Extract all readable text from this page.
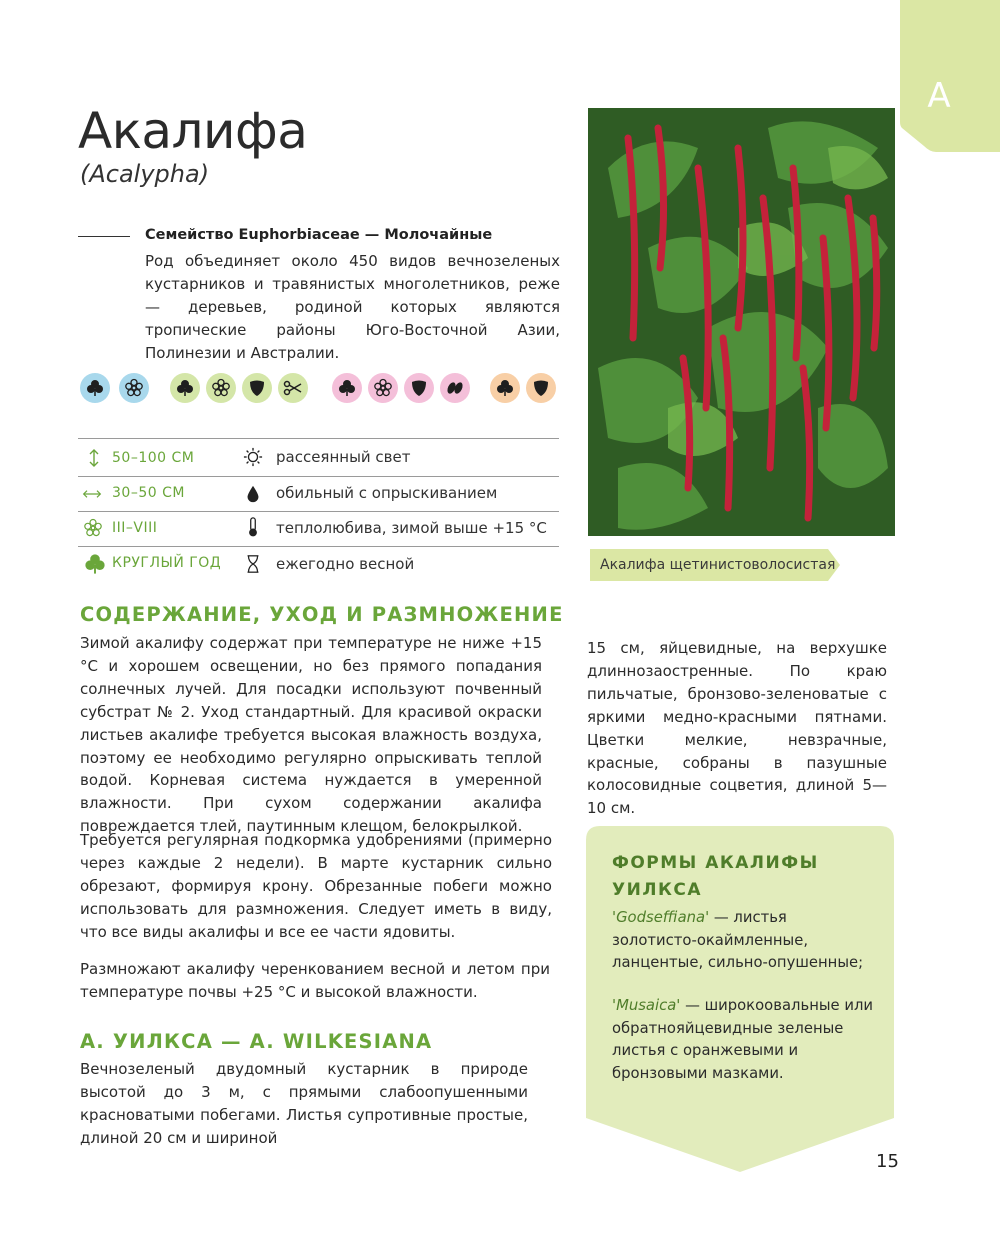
А
Акалифа
(Acalypha)
Семейство Euphorbiaceae — Молочайные
Род объединяет около 450 видов вечнозеленых кустарников и травянистых многолетников, реже — деревьев, родиной которых являются тропические районы Юго-Восточной Азии, Полинезии и Австралии.
50–100 СМ
30–50 СМ
III–VIII
КРУГЛЫЙ ГОД
рассеянный свет
обильный с опрыскиванием
теплолюбива, зимой выше +15 °С
ежегодно весной	Акалифа щетинистоволосистая
СОДЕРЖАНИЕ, УХОД И РАЗМНОЖЕНИЕ

Зимой акалифу содержат при температуре не ниже +15 °С и хорошем освещении, но без прямого попадания солнечных лучей. Для посадки используют почвенный субстрат № 2. Уход стандартный. Для красивой окраски листьев акалифе требуется высокая влажность воздуха, поэтому ее необходимо регулярно опрыскивать теплой водой. Корневая система нуждается в умеренной влажности. При сухом содержании акалифа повреждается тлей, паутинным клещом, белокрылкой.

Требуется регулярная подкормка удобрениями (примерно через каждые 2 недели). В марте кустарник сильно обрезают, формируя крону. Обрезанные побеги можно использовать для размножения. Следует иметь в виду, что все виды акалифы и все ее части ядовиты.

Размножают акалифу черенкованием весной и летом при температуре почвы +25 °С и высокой влажности.

А. УИЛКСА — A. WILKESIANA

Вечнозеленый двудомный кустарник в природе высотой до 3 м, с прямыми слабоопушенными красноватыми побегами. Листья супротивные простые, длиной 20 см и шириной

15 см, яйцевидные, на верхушке длиннозаостренные. По краю пильчатые, бронзово-зеленоватые с яркими медно-красными пятнами. Цветки мелкие, невзрачные, красные, собраны в пазушные колосовидные соцветия, длиной 5—10 см.

ФОРМЫ АКАЛИФЫ УИЛКСА

'Godseffiana' — листья золотисто-окаймленные, ланцентые, сильно-опушенные;

'Musaica' — широкоовальные или обратнояйцевидные зеленые листья с оранжевыми и бронзовыми мазками.

15
